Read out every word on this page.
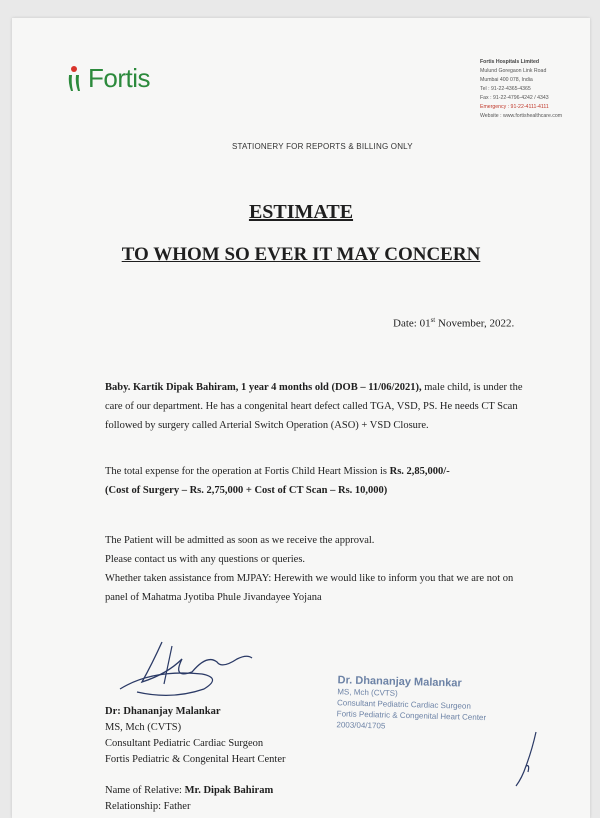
Fortis
Fortis Hospitals Limited
Mulund Goregaon Link Road
Mumbai 400 078, India
Tel : 91-22-4365-4365
Fax : 91-22-4796-4242 / 4343
Emergency : 91-22-4111-4111
Website : www.fortishealthcare.com
STATIONERY FOR REPORTS & BILLING ONLY
ESTIMATE
TO WHOM SO EVER IT MAY CONCERN
Date: 01st November, 2022.
Baby. Kartik Dipak Bahiram, 1 year 4 months old (DOB – 11/06/2021), male child, is under the care of our department. He has a congenital heart defect called TGA, VSD, PS. He needs CT Scan followed by surgery called Arterial Switch Operation (ASO) + VSD Closure.
The total expense for the operation at Fortis Child Heart Mission is Rs. 2,85,000/-
(Cost of Surgery – Rs. 2,75,000 + Cost of CT Scan – Rs. 10,000)
The Patient will be admitted as soon as we receive the approval.
Please contact us with any questions or queries.
Whether taken assistance from MJPAY: Herewith we would like to inform you that we are not on panel of Mahatma Jyotiba Phule Jivandayee Yojana
Dr: Dhananjay Malankar
MS, Mch (CVTS)
Consultant Pediatric Cardiac Surgeon
Fortis Pediatric & Congenital Heart Center
Dr. Dhananjay Malankar
MS, Mch (CVTS)
Consultant Pediatric Cardiac Surgeon
Fortis Pediatric & Congenital Heart Center
2003/04/1705
Name of Relative: Mr. Dipak Bahiram
Relationship: Father
